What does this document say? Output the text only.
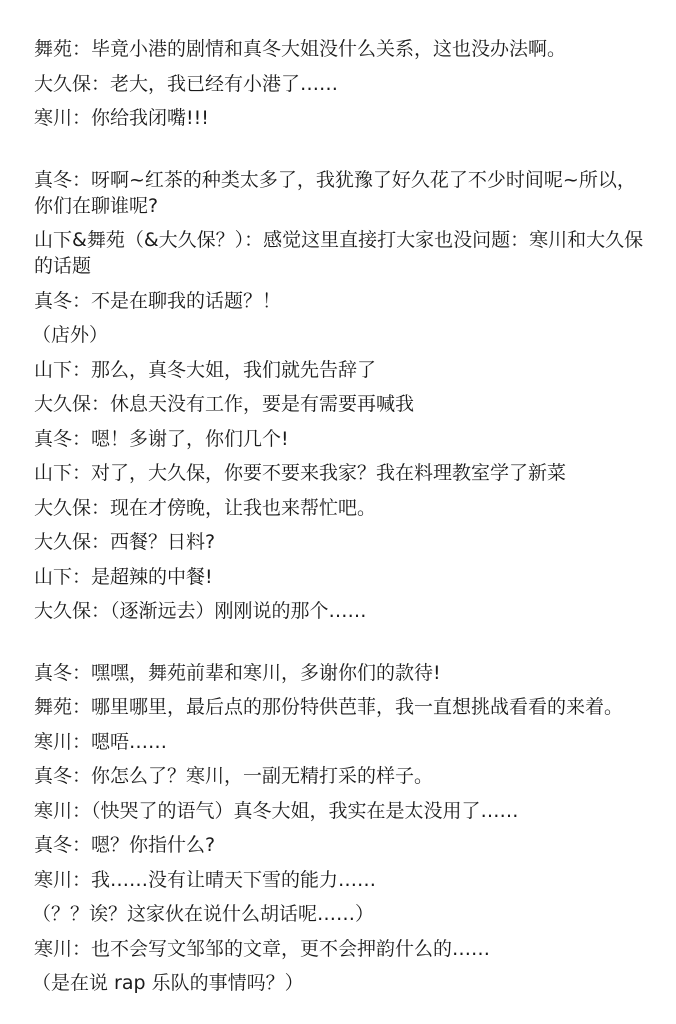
舞苑：毕竟小港的剧情和真冬大姐没什么关系，这也没办法啊。
大久保：老大，我已经有小港了……
寒川：你给我闭嘴!!!
真冬：呀啊~红茶的种类太多了，我犹豫了好久花了不少时间呢~所以，你们在聊谁呢?
山下&舞苑（&大久保？）：感觉这里直接打大家也没问题：寒川和大久保的话题
真冬：不是在聊我的话题？！
（店外）
山下：那么，真冬大姐，我们就先告辞了
大久保：休息天没有工作，要是有需要再喊我
真冬：嗯！多谢了，你们几个!
山下：对了，大久保，你要不要来我家？我在料理教室学了新菜
大久保：现在才傍晚，让我也来帮忙吧。
大久保：西餐？日料?
山下：是超辣的中餐!
大久保：（逐渐远去）刚刚说的那个……
真冬：嘿嘿，舞苑前辈和寒川，多谢你们的款待!
舞苑：哪里哪里，最后点的那份特供芭菲，我一直想挑战看看的来着。
寒川：嗯唔……
真冬：你怎么了？寒川，一副无精打采的样子。
寒川：（快哭了的语气）真冬大姐，我实在是太没用了……
真冬：嗯？你指什么?
寒川：我……没有让晴天下雪的能力……
（？？诶？这家伙在说什么胡话呢……）
寒川：也不会写文邹邹的文章，更不会押韵什么的……
（是在说 rap 乐队的事情吗？）
